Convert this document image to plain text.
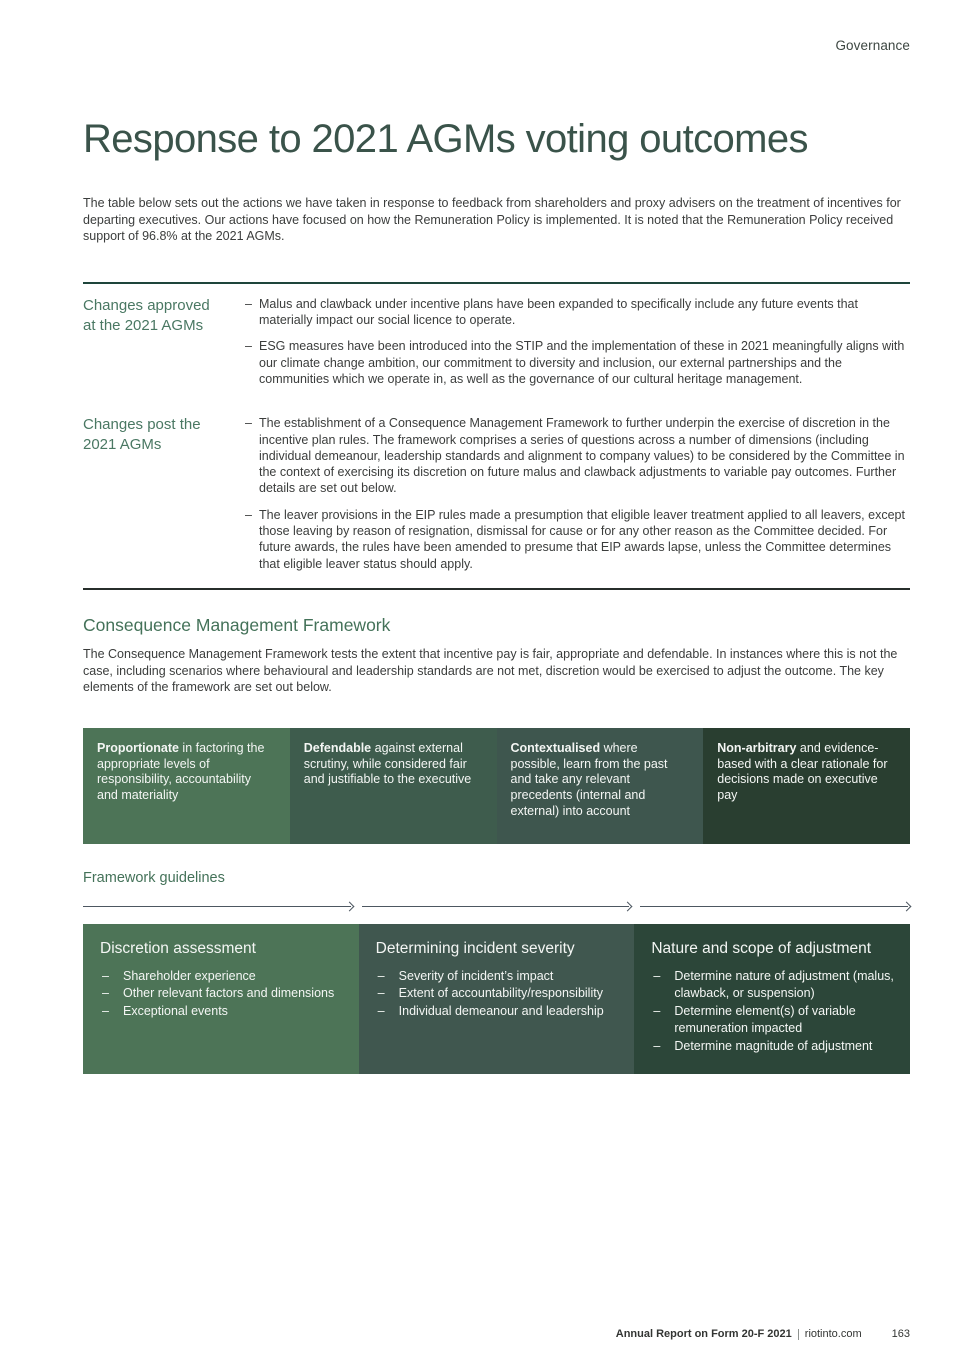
Governance
Response to 2021 AGMs voting outcomes

The table below sets out the actions we have taken in response to feedback from shareholders and proxy advisers on the treatment of incentives for departing executives. Our actions have focused on how the Remuneration Policy is implemented. It is noted that the Remuneration Policy received support of 96.8% at the 2021 AGMs.

Changes approved at the 2021 AGMs
– Malus and clawback under incentive plans have been expanded to specifically include any future events that materially impact our social licence to operate.
– ESG measures have been introduced into the STIP and the implementation of these in 2021 meaningfully aligns with our climate change ambition, our commitment to diversity and inclusion, our external partnerships and the communities which we operate in, as well as the governance of our cultural heritage management.
Changes post the 2021 AGMs
– The establishment of a Consequence Management Framework to further underpin the exercise of discretion in the incentive plan rules. The framework comprises a series of questions across a number of dimensions (including individual demeanour, leadership standards and alignment to company values) to be considered by the Committee in the context of exercising its discretion on future malus and clawback adjustments to variable pay outcomes. Further details are set out below.
– The leaver provisions in the EIP rules made a presumption that eligible leaver treatment applied to all leavers, except those leaving by reason of resignation, dismissal for cause or for any other reason as the Committee decided. For future awards, the rules have been amended to presume that EIP awards lapse, unless the Committee determines that eligible leaver status should apply.
Consequence Management Framework

The Consequence Management Framework tests the extent that incentive pay is fair, appropriate and defendable. In instances where this is not the case, including scenarios where behavioural and leadership standards are not met, discretion would be exercised to adjust the outcome. The key elements of the framework are set out below.

Proportionate in factoring the appropriate levels of responsibility, accountability and materiality
Defendable against external scrutiny, while considered fair and justifiable to the executive
Contextualised where possible, learn from the past and take any relevant precedents (internal and external) into account
Non-arbitrary and evidence-based with a clear rationale for decisions made on executive pay
Framework guidelines
Discretion assessment
– Shareholder experience
– Other relevant factors and dimensions
– Exceptional events
Determining incident severity
– Severity of incident’s impact
– Extent of accountability/responsibility
– Individual demeanour and leadership
Nature and scope of adjustment
– Determine nature of adjustment (malus, clawback, or suspension)
– Determine element(s) of variable remuneration impacted
– Determine magnitude of adjustment
Annual Report on Form 20-F 2021 riotinto.com	163
